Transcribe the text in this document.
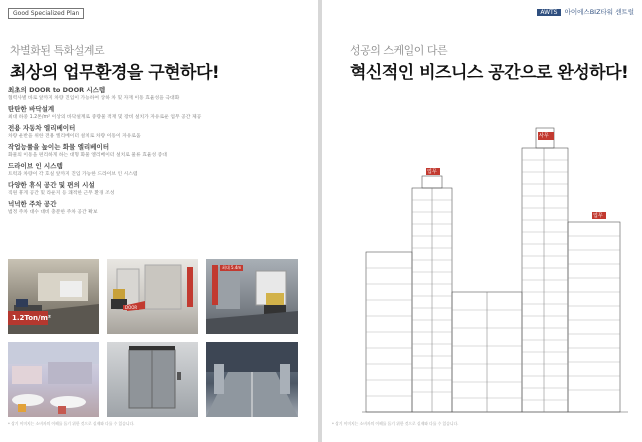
Good Specialized Plan
차별화된 특화설계로
최상의 업무환경을 구현하다!
최초의 DOOR to DOOR 시스템
협력사별 바로 앞까지 차량 진입이 가능하여 상하 차 및 자재 이동 효율성을 극대화
탄탄한 바닥설계
최대 하중 1.2톤/m² 이상의 바닥설계로 중량물 적재 및 장비 설치가 자유로운 업무 공간 제공
전용 자동차 엘리베이터
차량 운반을 위한 전용 엘리베이터 설치로 차량 이동이 자유로움
작업능률을 높이는 화물 엘리베이터
화물의 이동을 편리하게 하는 대형 화물 엘리베이터 설치로 물류 효율성 증대
드라이브 인 시스템
트럭과 차량이 각 호실 앞까지 진입 가능한 드라이브 인 시스템
다양한 휴식 공간 및 편의 시설
직원 휴게 공간 및 라운지 등 쾌적한 근무 환경 조성
넉넉한 주차 공간
법정 주차 대수 대비 충분한 주차 공간 확보
1.2Ton/m²
DOOR
최대 5.4m
* 상기 이미지는 소비자의 이해를 돕기 위한 것으로 실제와 다를 수 있습니다.
AWTS 아이에스BIZ타워 센트럴
성공의 스케일이 다른
혁신적인 비즈니스 공간으로 완성하다!
사무
업무
업무
* 상기 이미지는 소비자의 이해를 돕기 위한 것으로 실제와 다를 수 있습니다.
